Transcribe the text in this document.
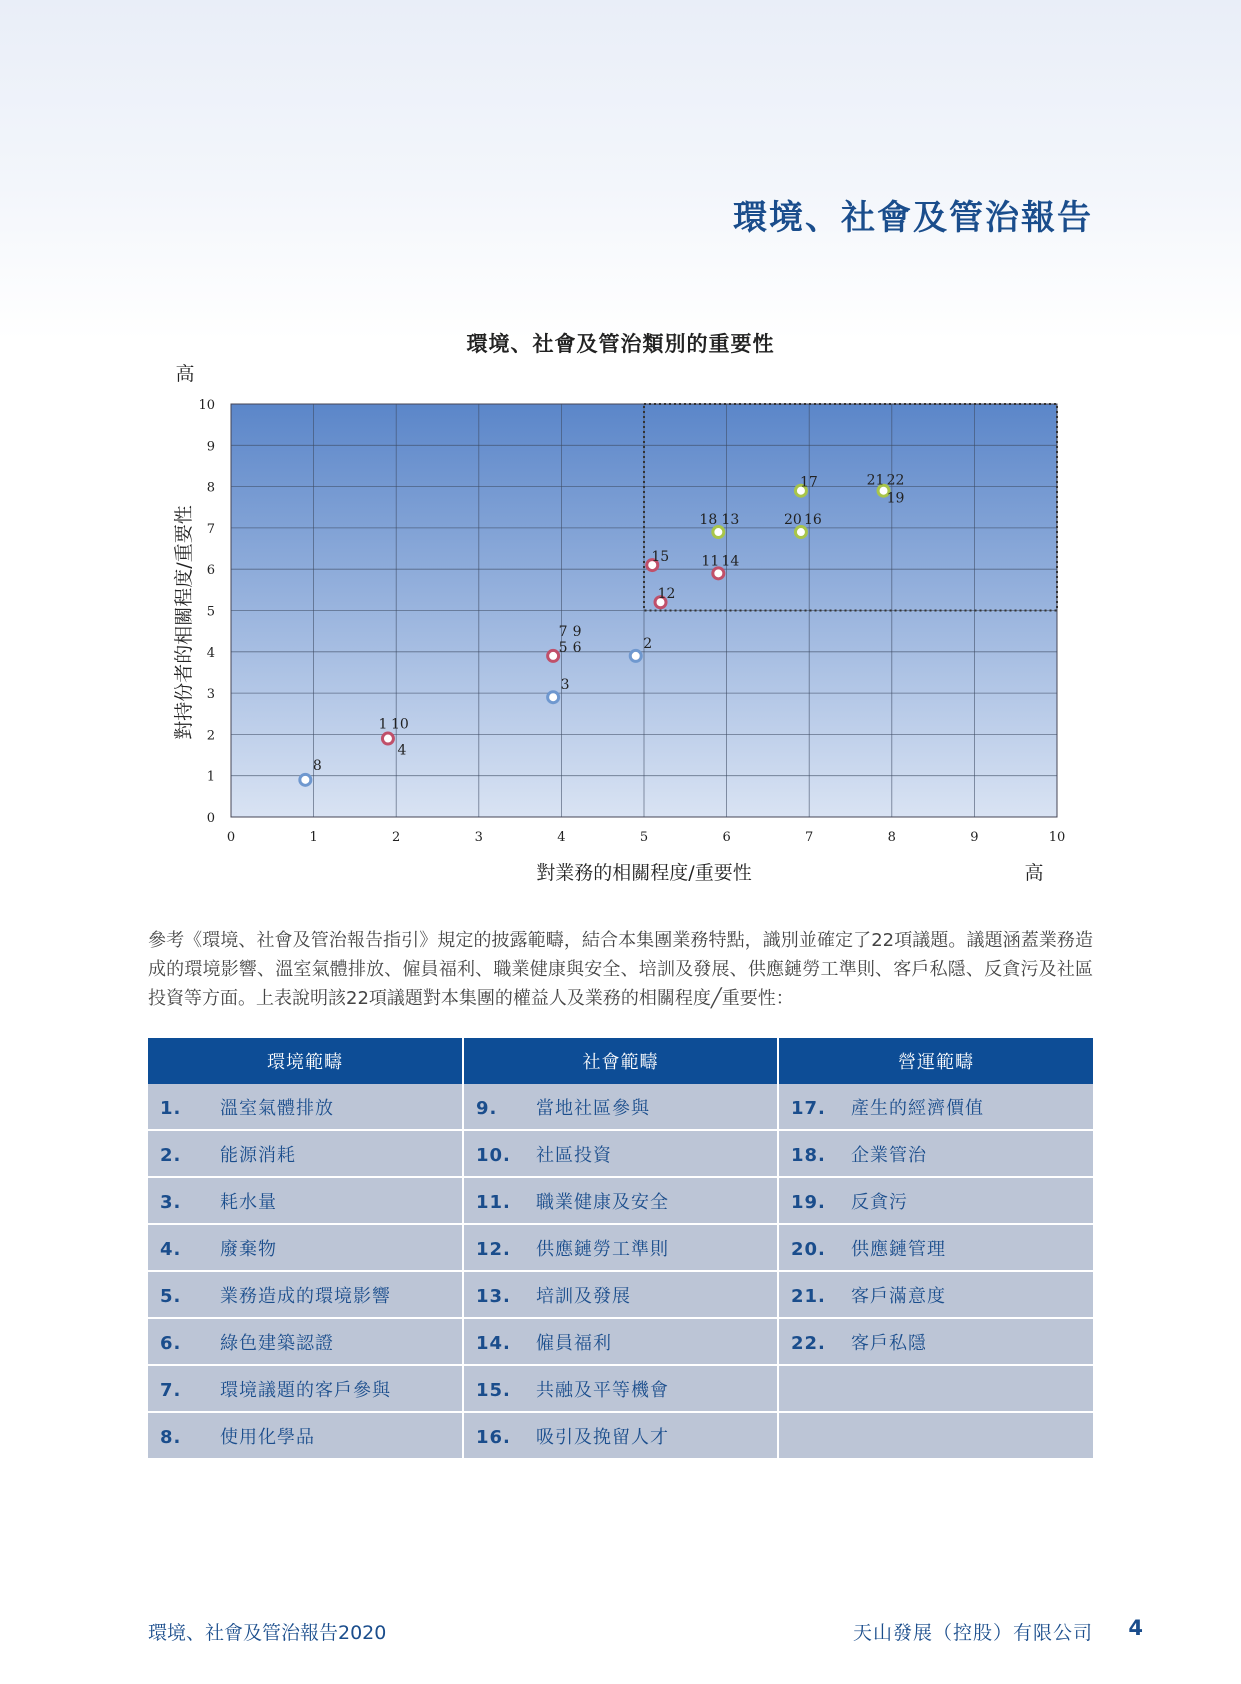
環境、社會及管治報告
環境、社會及管治類別的重要性
0	1	2	3	4	5	6	7	8	9	10
0
1
2
3
4
5
6
7
8
9
10
8
1 10
4
3
7 9
5 6	2
15
12
11 14
18 13	20 16
17	21 22
19
對業務的相關程度/重要性
對持份者的相關程度/重要性
高
高
參考《環境、社會及管治報告指引》規定的披露範疇，結合本集團業務特點，識別並確定了22項議題。議題涵蓋業務造成的環境影響、溫室氣體排放、僱員福利、職業健康與安全、培訓及發展、供應鏈勞工準則、客戶私隱、反貪污及社區投資等方面。上表說明該22項議題對本集團的權益人及業務的相關程度╱重要性：
環境範疇	社會範疇	營運範疇
1. 溫室氣體排放	9. 當地社區參與	17. 產生的經濟價值
2. 能源消耗	10. 社區投資	18. 企業管治
3. 耗水量	11. 職業健康及安全	19. 反貪污
4. 廢棄物	12. 供應鏈勞工準則	20. 供應鏈管理
5. 業務造成的環境影響	13. 培訓及發展	21. 客戶滿意度
6. 綠色建築認證	14. 僱員福利	22. 客戶私隱
7. 環境議題的客戶參與	15. 共融及平等機會	
8. 使用化學品	16. 吸引及挽留人才	
環境、社會及管治報告2020	天山發展（控股）有限公司 4
